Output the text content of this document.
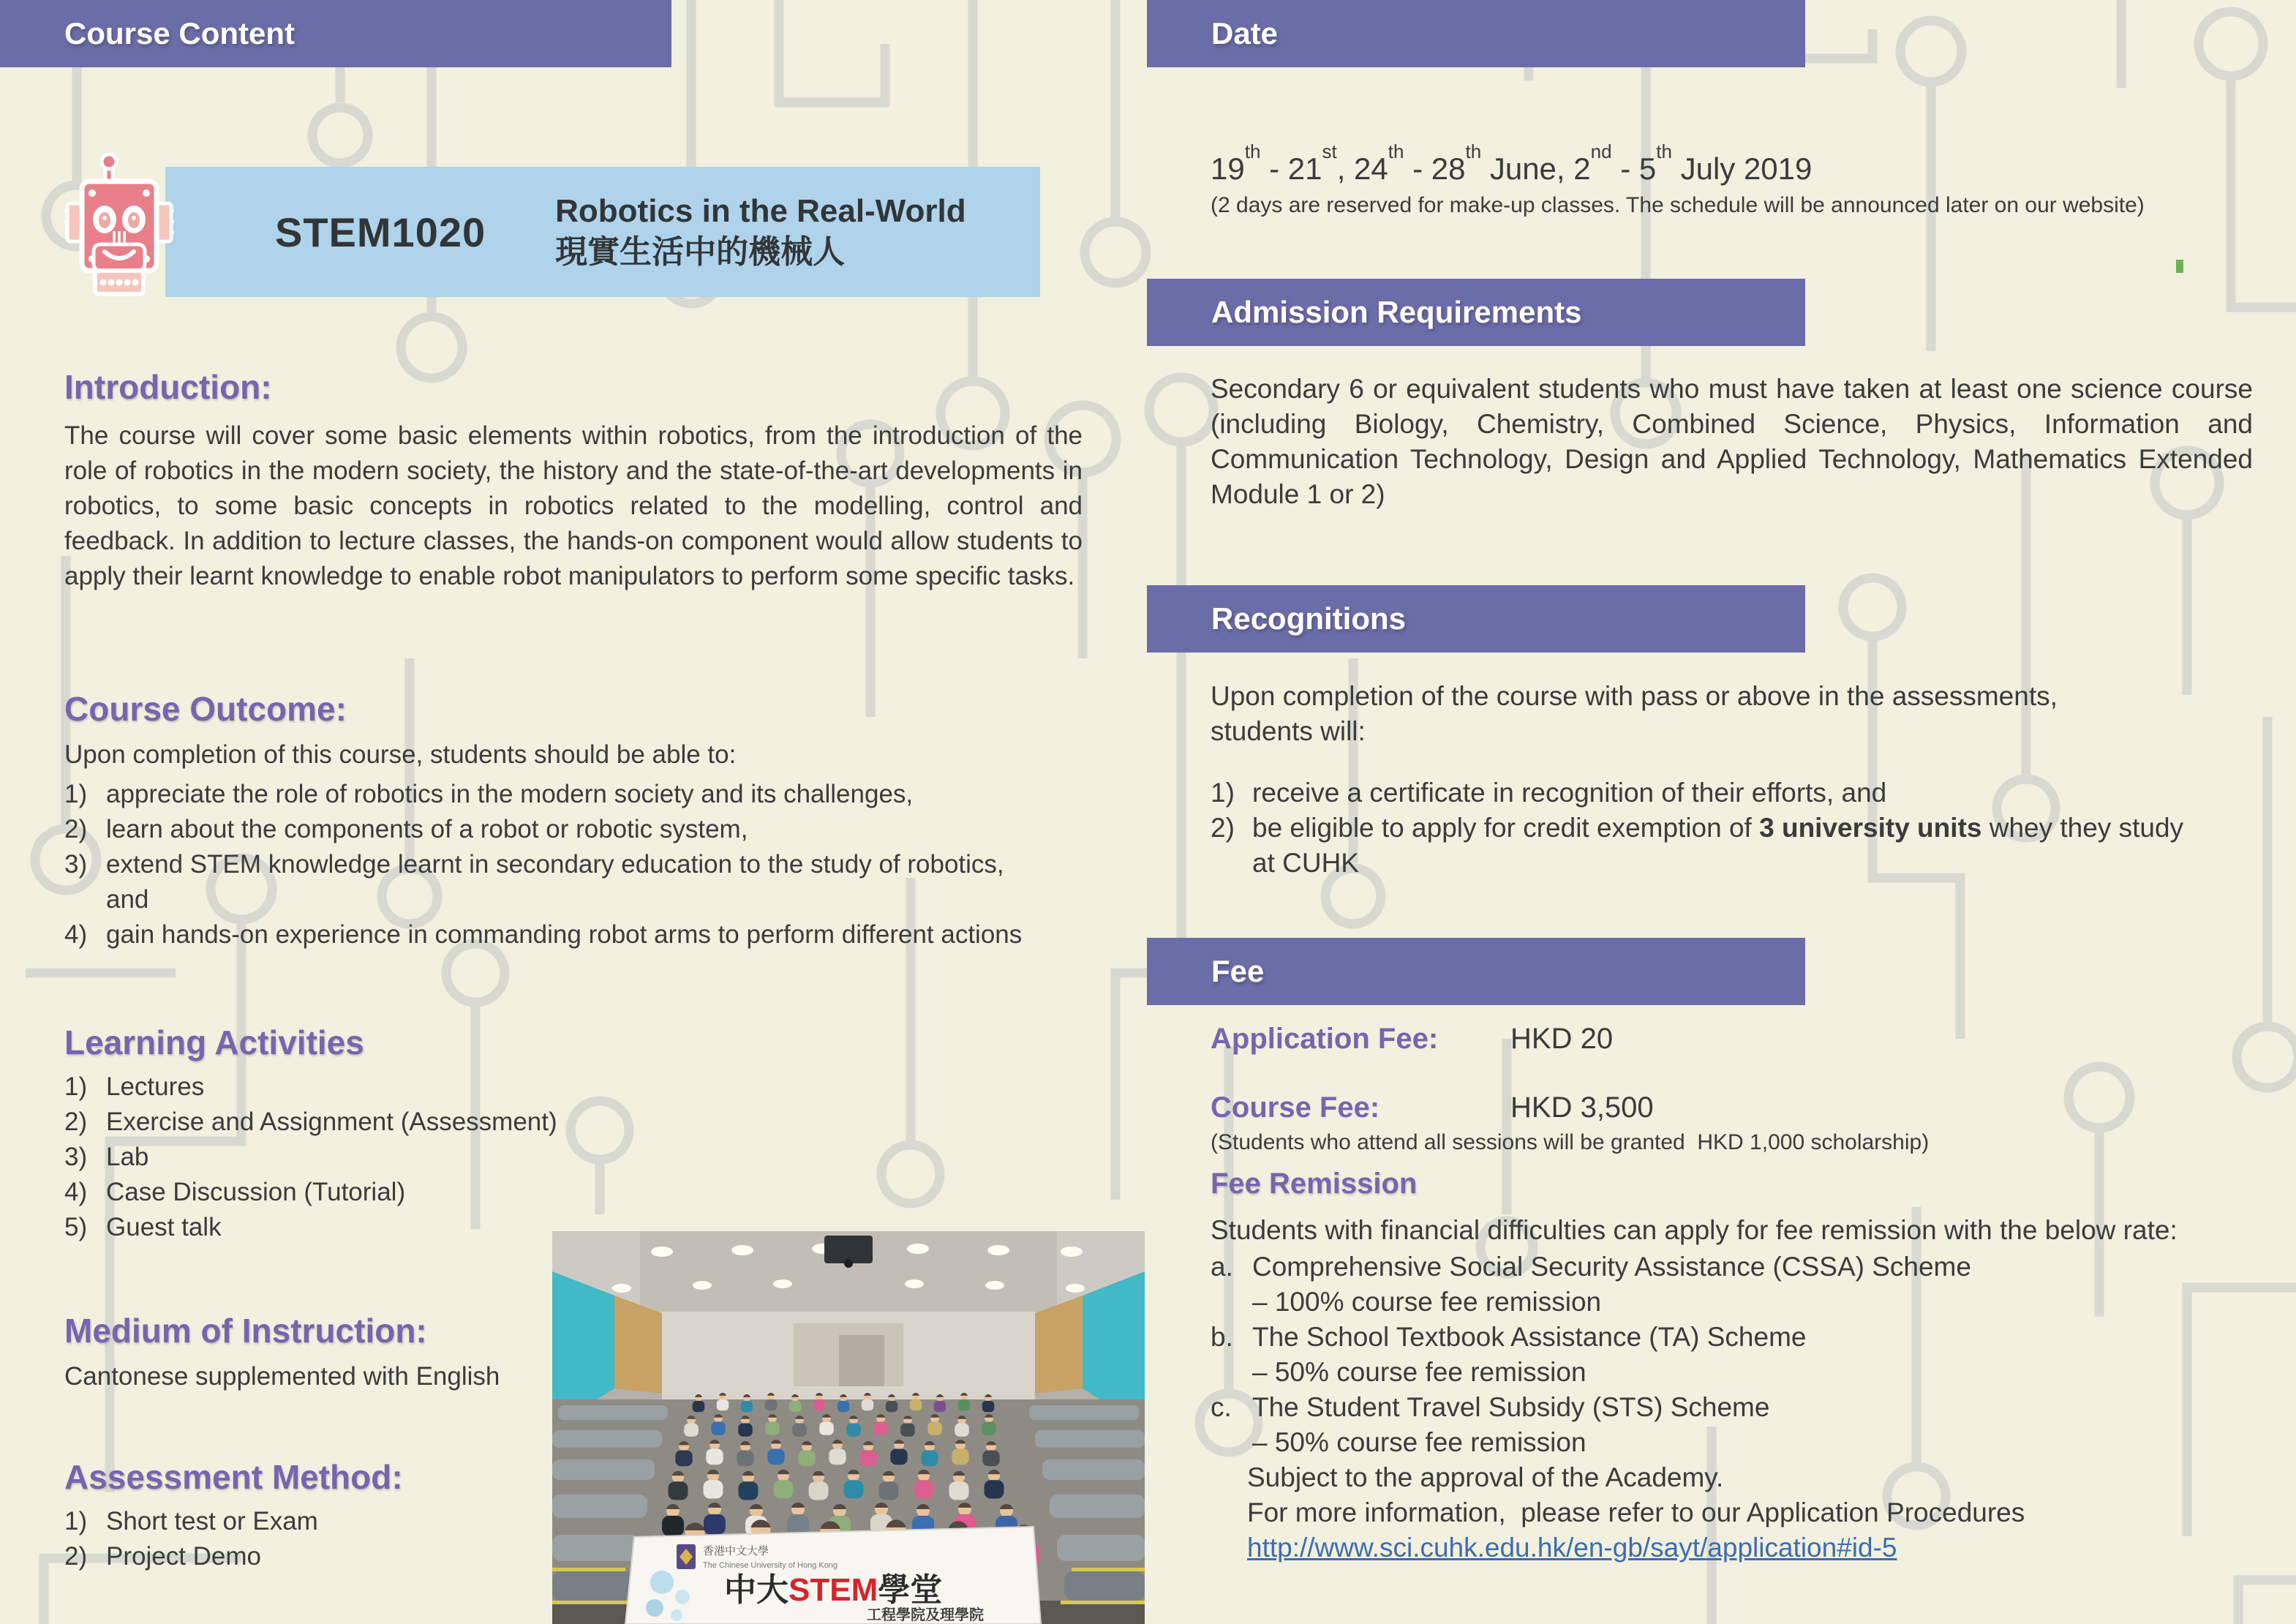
Course Content
STEM1020 Robotics in the Real-World
現實生活中的機械人
Introduction:
The course will cover some basic elements within robotics, from the introduction of the role of robotics in the modern society, the history and the state-of-the-art developments in robotics, to some basic concepts in robotics related to the modelling, control and feedback. In addition to lecture classes, the hands-on component would allow students to apply their learnt knowledge to enable robot manipulators to perform some specific tasks.
Course Outcome:
Upon completion of this course, students should be able to:
1) appreciate the role of robotics in the modern society and its challenges,
2) learn about the components of a robot or robotic system,
3) extend STEM knowledge learnt in secondary education to the study of robotics,
and
4) gain hands-on experience in commanding robot arms to perform different actions
Learning Activities
1) Lectures
2) Exercise and Assignment (Assessment)
3) Lab
4) Case Discussion (Tutorial)
5) Guest talk
Medium of Instruction:
Cantonese supplemented with English
Assessment Method:
1) Short test or Exam
2) Project Demo	香港中文大學
The Chinese University of Hong Kong
中大STEM學堂
工程學院及理學院
Date
19th - 21st, 24th - 28th June, 2nd - 5th July 2019
(2 days are reserved for make-up classes. The schedule will be announced later on our website)
Admission Requirements
Secondary 6 or equivalent students who must have taken at least one science course (including Biology, Chemistry, Combined Science, Physics, Information and Communication Technology, Design and Applied Technology, Mathematics Extended Module 1 or 2)
Recognitions
Upon completion of the course with pass or above in the assessments,
students will:
1) receive a certificate in recognition of their efforts, and
2) be eligible to apply for credit exemption of 3 university units whey they study
at CUHK
Fee
Application Fee: HKD 20
Course Fee:	HKD 3,500
(Students who attend all sessions will be granted  HKD 1,000 scholarship)
Fee Remission
Students with financial difficulties can apply for fee remission with the below rate:
a. Comprehensive Social Security Assistance (CSSA) Scheme
– 100% course fee remission
b. The School Textbook Assistance (TA) Scheme
– 50% course fee remission
c. The Student Travel Subsidy (STS) Scheme
– 50% course fee remission
Subject to the approval of the Academy.
For more information,  please refer to our Application Procedures
http://www.sci.cuhk.edu.hk/en-gb/sayt/application#id-5
